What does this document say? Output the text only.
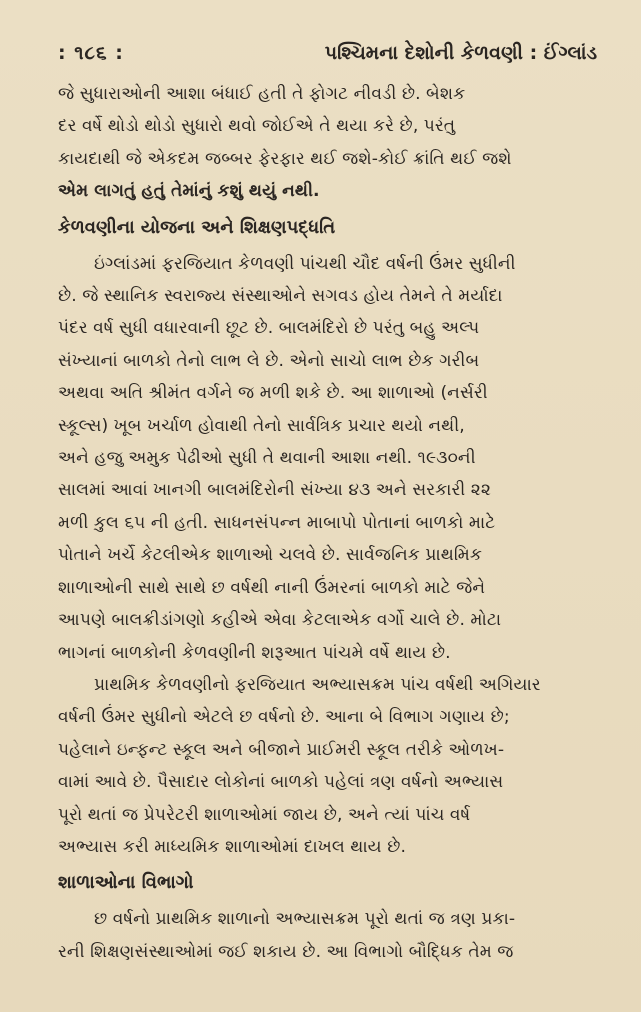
: ૧૮૬ :	પશ્ચિમના દેશોની કેળવણી : ઈંગ્લાંડ

જે સુધારાઓની આશા બંધાઈ હતી તે ફોગટ નીવડી છે. બેશક
દર વર્ષે થોડો થોડો સુધારો થવો જોઈએ તે થયા કરે છે, પરંતુ
કાયદાથી જે એકદમ જબ્બર ફેરફાર થઈ જશે-કોઈ ક્રાંતિ થઈ જશે
એમ લાગતું હતું તેમાંનું કશું થયું નથી.

કેળવણીના યોજના અને શિક્ષણપદ્ધતિ

ઇંગ્લાંડમાં ફરજિયાત કેળવણી પાંચથી ચૌદ વર્ષની ઉંમર સુધીની
છે. જે સ્થાનિક સ્વરાજ્ય સંસ્થાઓને સગવડ હોય તેમને તે મર્યાદા
પંદર વર્ષ સુધી વધારવાની છૂટ છે. બાલમંદિરો છે પરંતુ બહુ અલ્પ
સંખ્યાનાં બાળકો તેનો લાભ લે છે. એનો સાચો લાભ છેક ગરીબ
અથવા અતિ શ્રીમંત વર્ગને જ મળી શકે છે. આ શાળાઓ (નર્સરી
સ્કૂલ્સ) ખૂબ ખર્ચાળ હોવાથી તેનો સાર્વત્રિક પ્રચાર થયો નથી,
અને હજુ અમુક પેઢીઓ સુધી તે થવાની આશા નથી. ૧૯૩૦ની
સાલમાં આવાં ખાનગી બાલમંદિરોની સંખ્યા ૪૩ અને સરકારી ૨૨
મળી કુલ ૬૫ ની હતી. સાધનસંપન્ન માબાપો પોતાનાં બાળકો માટે
પોતાને ખર્ચે કેટલીએક શાળાઓ ચલવે છે. સાર્વજનિક પ્રાથમિક
શાળાઓની સાથે સાથે છ વર્ષથી નાની ઉંમરનાં બાળકો માટે જેને
આપણે બાલક્રીડાંગણો કહીએ એવા કેટલાએક વર્ગો ચાલે છે. મોટા
ભાગનાં બાળકોની કેળવણીની શરૂઆત પાંચમે વર્ષે થાય છે.

પ્રાથમિક કેળવણીનો ફરજિયાત અભ્યાસક્રમ પાંચ વર્ષથી અગિયાર
વર્ષની ઉંમર સુધીનો એટલે છ વર્ષનો છે. આના બે વિભાગ ગણાય છે;
પહેલાને ઇન્ફન્ટ સ્કૂલ અને બીજાને પ્રાઈમરી સ્કૂલ તરીકે ઓળખ-
વામાં આવે છે. પૈસાદાર લોકોનાં બાળકો પહેલાં ત્રણ વર્ષનો અભ્યાસ
પૂરો થતાં જ પ્રેપરેટરી શાળાઓમાં જાય છે, અને ત્યાં પાંચ વર્ષ
અભ્યાસ કરી માધ્યમિક શાળાઓમાં દાખલ થાય છે.

શાળાઓના વિભાગો

છ વર્ષનો પ્રાથમિક શાળાનો અભ્યાસક્રમ પૂરો થતાં જ ત્રણ પ્રકા-
રની શિક્ષણસંસ્થાઓમાં જઈ શકાય છે. આ વિભાગો બૌદ્ધિક તેમ જ
